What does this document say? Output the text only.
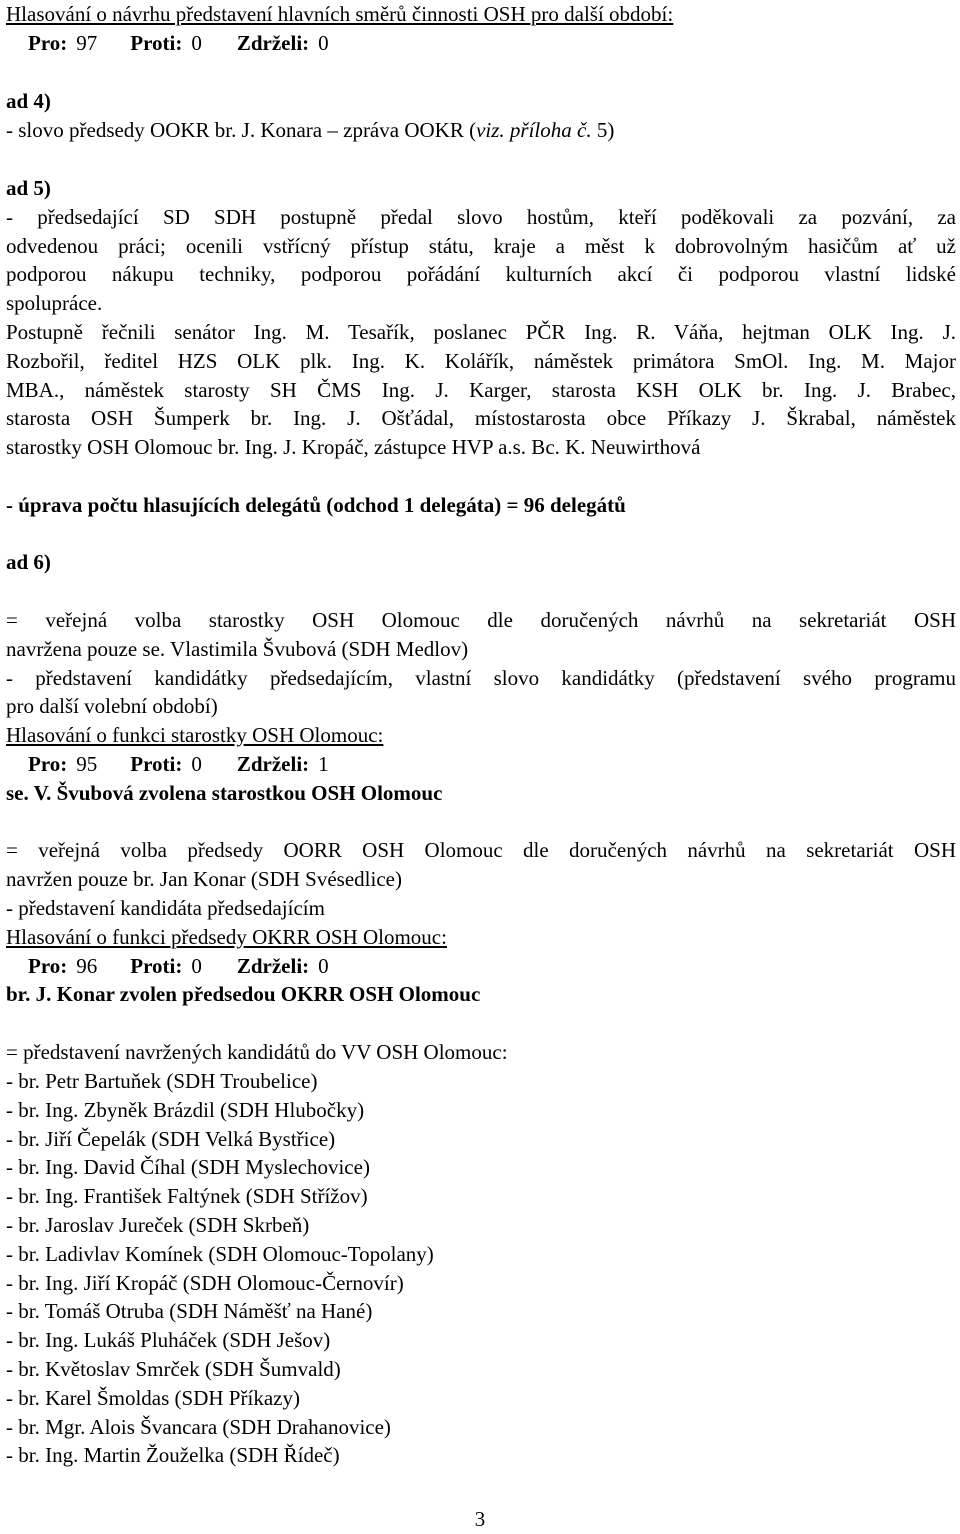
Hlasování o návrhu představení hlavních směrů činnosti OSH pro další období:

Pro: 97 Proti: 0 Zdrželi: 0

ad 4)

- slovo předsedy OOKR br. J. Konara – zpráva OOKR (viz. příloha č. 5)

ad 5)

- předsedající SD SDH postupně předal slovo hostům, kteří poděkovali za pozvání, za

odvedenou práci; ocenili vstřícný přístup státu, kraje a měst k dobrovolným hasičům ať už

podporou nákupu techniky, podporou pořádání kulturních akcí či podporou vlastní lidské

spolupráce.

Postupně řečnili senátor Ing. M. Tesařík, poslanec PČR Ing. R. Váňa, hejtman OLK Ing. J.

Rozbořil, ředitel HZS OLK plk. Ing. K. Kolářík, náměstek primátora SmOl. Ing. M. Major

MBA., náměstek starosty SH ČMS Ing. J. Karger, starosta KSH OLK br. Ing. J. Brabec,

starosta OSH Šumperk br. Ing. J. Ošťádal, místostarosta obce Příkazy J. Škrabal, náměstek

starostky OSH Olomouc br. Ing. J. Kropáč, zástupce HVP a.s. Bc. K. Neuwirthová

- úprava počtu hlasujících delegátů (odchod 1 delegáta) = 96 delegátů

ad 6)

= veřejná volba starostky OSH Olomouc dle doručených návrhů na sekretariát OSH

navržena pouze se. Vlastimila Švubová (SDH Medlov)

- představení kandidátky předsedajícím, vlastní slovo kandidátky (představení svého programu

pro další volební období)

Hlasování o funkci starostky OSH Olomouc:

Pro: 95 Proti: 0 Zdrželi: 1

se. V. Švubová zvolena starostkou OSH Olomouc

= veřejná volba předsedy OORR OSH Olomouc dle doručených návrhů na sekretariát OSH

navržen pouze br. Jan Konar (SDH Svésedlice)

- představení kandidáta předsedajícím

Hlasování o funkci předsedy OKRR OSH Olomouc:

Pro: 96 Proti: 0 Zdrželi: 0

br. J. Konar zvolen předsedou OKRR OSH Olomouc

= představení navržených kandidátů do VV OSH Olomouc:

- br. Petr Bartuňek (SDH Troubelice)

- br. Ing. Zbyněk Brázdil (SDH Hlubočky)

- br. Jiří Čepelák (SDH Velká Bystřice)

- br. Ing. David Číhal (SDH Myslechovice)

- br. Ing. František Faltýnek (SDH Střížov)

- br. Jaroslav Jureček (SDH Skrbeň)

- br. Ladivlav Komínek (SDH Olomouc-Topolany)

- br. Ing. Jiří Kropáč (SDH Olomouc-Černovír)

- br. Tomáš Otruba (SDH Náměšť na Hané)

- br. Ing. Lukáš Pluháček (SDH Ješov)

- br. Květoslav Smrček (SDH Šumvald)

- br. Karel Šmoldas (SDH Příkazy)

- br. Mgr. Alois Švancara (SDH Drahanovice)

- br. Ing. Martin Žouželka (SDH Řídeč)

3
